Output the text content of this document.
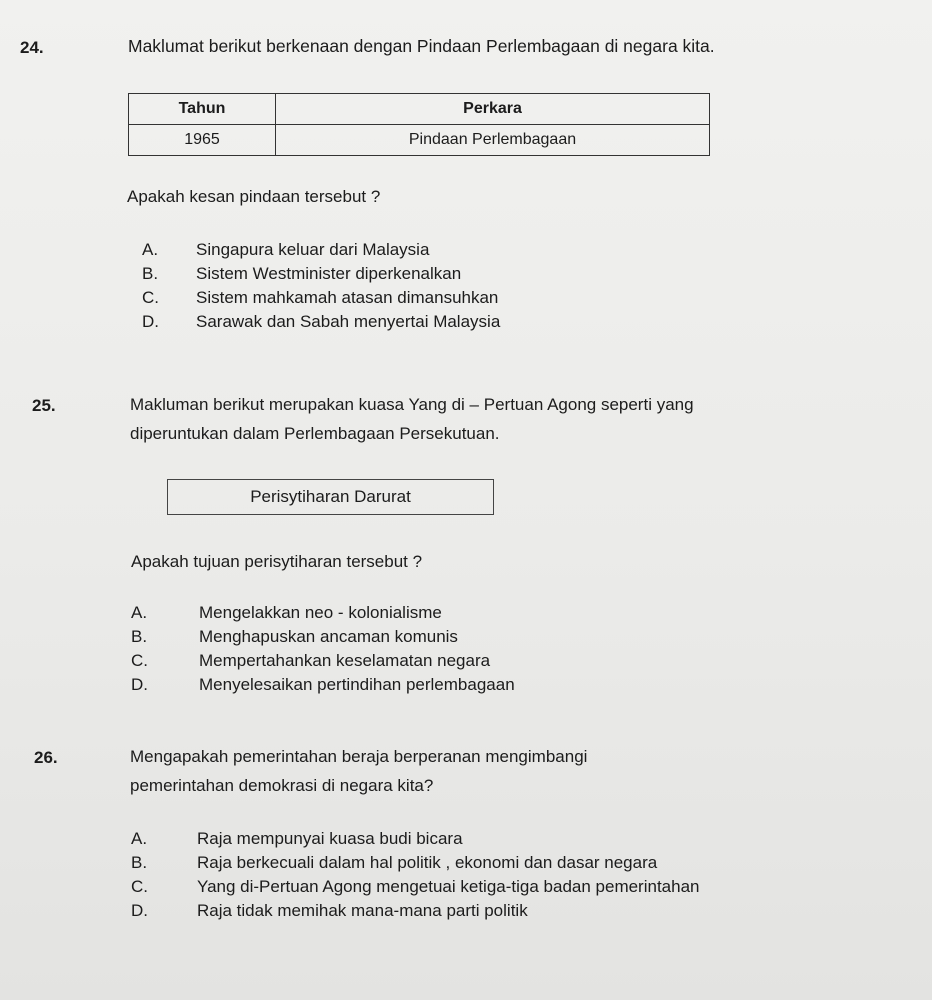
24.	Maklumat berikut berkenaan dengan Pindaan Perlembagaan di negara kita.
Tahun	Perkara
1965	Pindaan Perlembagaan
Apakah kesan pindaan tersebut ?
A. Singapura keluar dari Malaysia
B. Sistem Westminister diperkenalkan
C. Sistem mahkamah atasan dimansuhkan
D. Sarawak dan Sabah menyertai Malaysia
25.	Makluman berikut merupakan kuasa Yang di – Pertuan Agong seperti yang
diperuntukan dalam Perlembagaan Persekutuan.
Perisytiharan Darurat
Apakah tujuan perisytiharan tersebut ?
A.	Mengelakkan neo - kolonialisme
B.	Menghapuskan ancaman komunis
C.	Mempertahankan keselamatan negara
D.	Menyelesaikan pertindihan perlembagaan
26.	Mengapakah pemerintahan beraja berperanan mengimbangi
pemerintahan demokrasi di negara kita?
A.	Raja mempunyai kuasa budi bicara
B.	Raja berkecuali dalam hal politik , ekonomi dan dasar negara
C.	Yang di-Pertuan Agong mengetuai ketiga-tiga badan pemerintahan
D.	Raja tidak memihak mana-mana parti politik
